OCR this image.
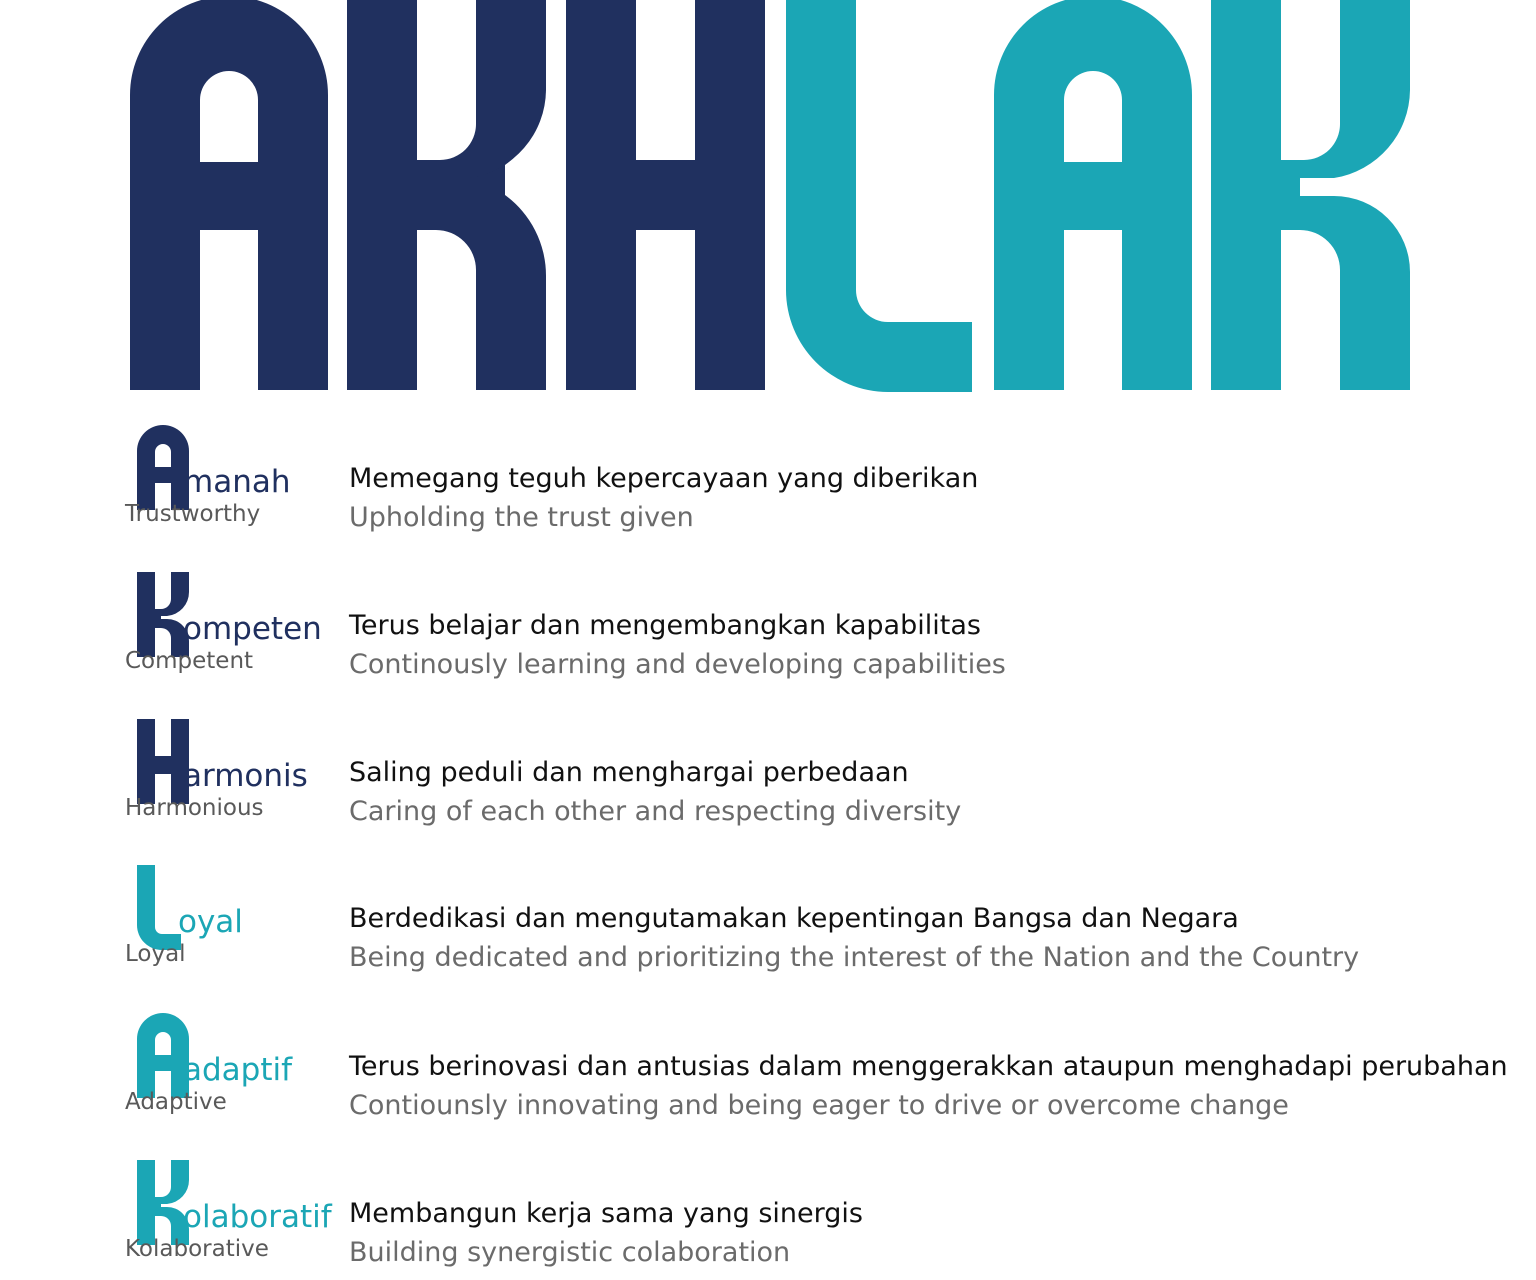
manah
Trustworthy
Memegang teguh kepercayaan yang diberikan
Upholding the trust given
ompeten
Competent
Terus belajar dan mengembangkan kapabilitas
Continously learning and developing capabilities
armonis
Harmonious
Saling peduli dan menghargai perbedaan
Caring of each other and respecting diversity
oyal
Loyal
Berdedikasi dan mengutamakan kepentingan Bangsa dan Negara
Being dedicated and prioritizing the interest of the Nation and the Country
adaptif
Adaptive
Terus berinovasi dan antusias dalam menggerakkan ataupun menghadapi perubahan
Contiounsly innovating and being eager to drive or overcome change
olaboratif
Kolaborative
Membangun kerja sama yang sinergis
Building synergistic colaboration
